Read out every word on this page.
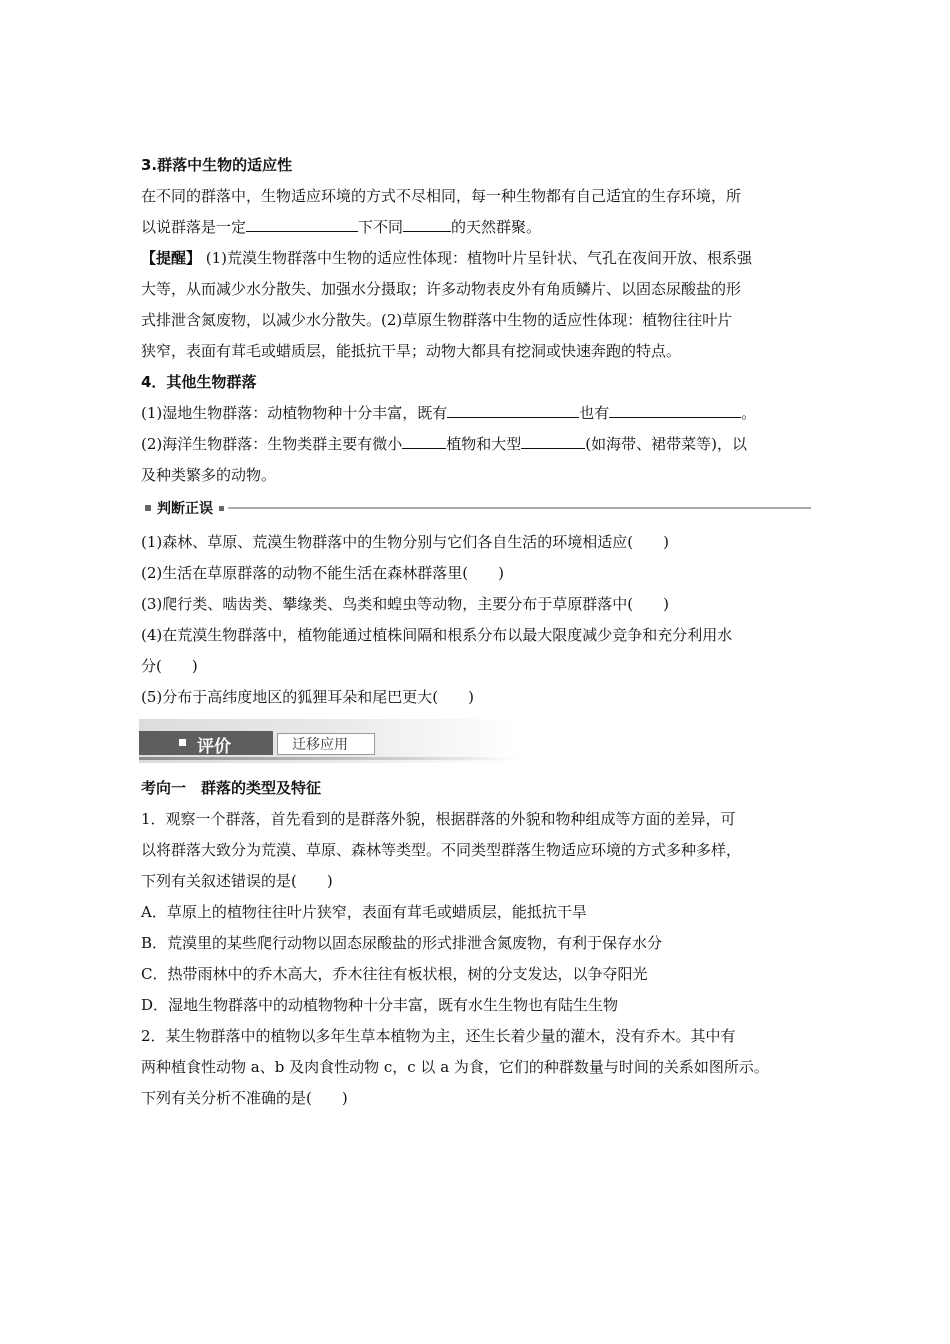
3.群落中生物的适应性
在不同的群落中，生物适应环境的方式不尽相同，每一种生物都有自己适宜的生存环境，所
以说群落是一定	下不同	的天然群聚。
【提醒】 (1)荒漠生物群落中生物的适应性体现：植物叶片呈针状、气孔在夜间开放、根系强
大等，从而减少水分散失、加强水分摄取；许多动物表皮外有角质鳞片、以固态尿酸盐的形
式排泄含氮废物，以减少水分散失。(2)草原生物群落中生物的适应性体现：植物往往叶片
狭窄，表面有茸毛或蜡质层，能抵抗干旱；动物大都具有挖洞或快速奔跑的特点。
4．其他生物群落
(1)湿地生物群落：动植物物种十分丰富，既有	也有	。
(2)海洋生物群落：生物类群主要有微小	植物和大型	(如海带、裙带菜等)，以
及种类繁多的动物。
判断正误
(1)森林、草原、荒漠生物群落中的生物分别与它们各自生活的环境相适应(　　)
(2)生活在草原群落的动物不能生活在森林群落里(　　)
(3)爬行类、啮齿类、攀缘类、鸟类和蝗虫等动物，主要分布于草原群落中(　　)
(4)在荒漠生物群落中，植物能通过植株间隔和根系分布以最大限度减少竞争和充分利用水
分(　　)
(5)分布于高纬度地区的狐狸耳朵和尾巴更大(　　)
评价	迁移应用
考向一　群落的类型及特征
1．观察一个群落，首先看到的是群落外貌，根据群落的外貌和物种组成等方面的差异，可
以将群落大致分为荒漠、草原、森林等类型。不同类型群落生物适应环境的方式多种多样，
下列有关叙述错误的是(　　)
A．草原上的植物往往叶片狭窄，表面有茸毛或蜡质层，能抵抗干旱
B．荒漠里的某些爬行动物以固态尿酸盐的形式排泄含氮废物，有利于保存水分
C．热带雨林中的乔木高大，乔木往往有板状根，树的分支发达，以争夺阳光
D．湿地生物群落中的动植物物种十分丰富，既有水生生物也有陆生生物
2．某生物群落中的植物以多年生草本植物为主，还生长着少量的灌木，没有乔木。其中有
两种植食性动物 a、b 及肉食性动物 c，c 以 a 为食，它们的种群数量与时间的关系如图所示。
下列有关分析不准确的是(　　)
